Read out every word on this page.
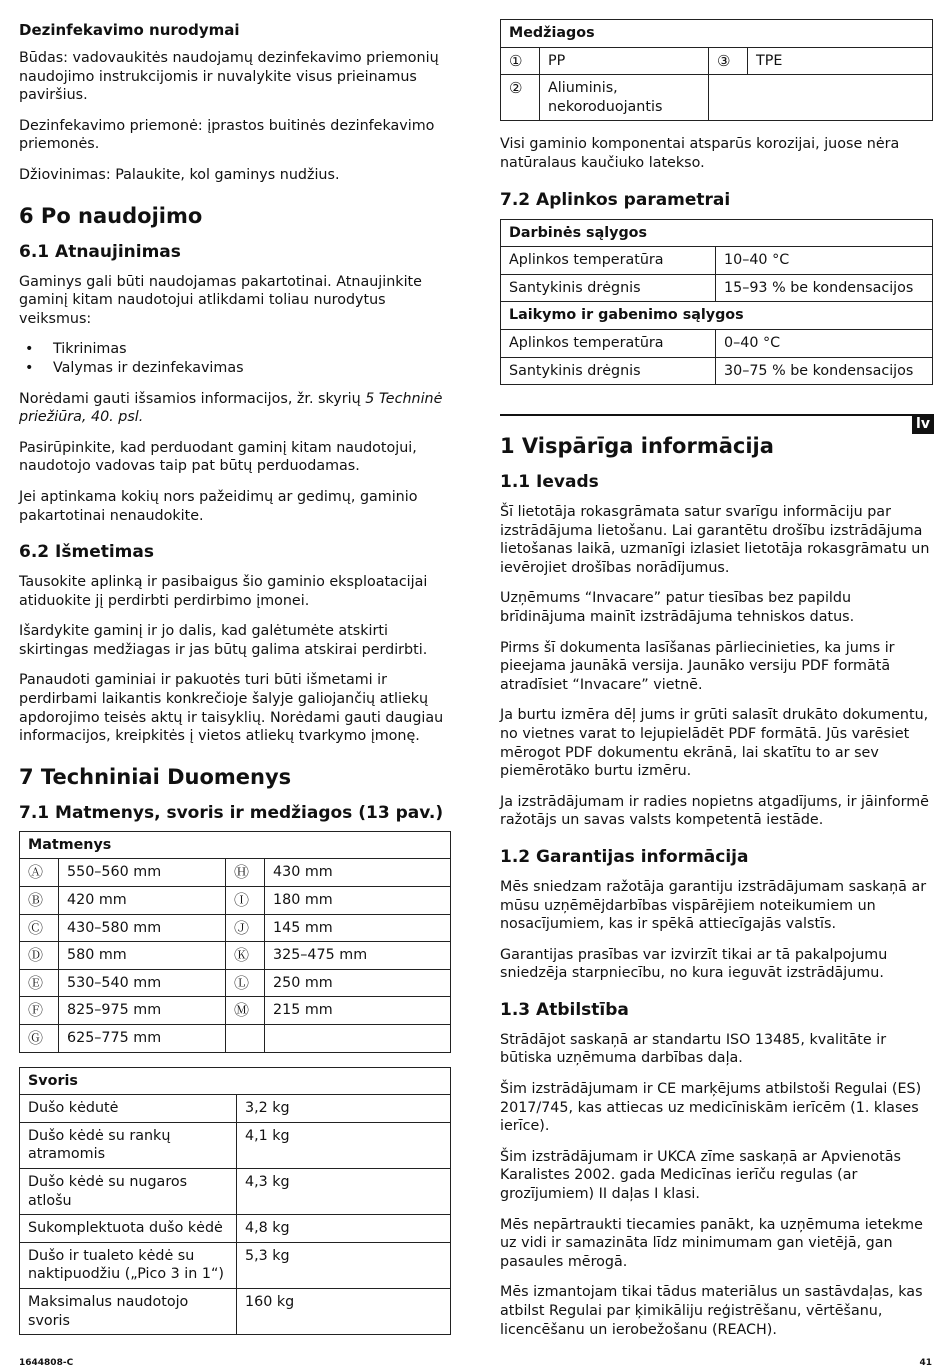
Dezinfekavimo nurodymai

Būdas: vadovaukitės naudojamų dezinfekavimo priemonių naudojimo instrukcijomis ir nuvalykite visus prieinamus paviršius.

Dezinfekavimo priemonė: įprastos buitinės dezinfekavimo priemonės.

Džiovinimas: Palaukite, kol gaminys nudžius.

6 Po naudojimo
6.1 Atnaujinimas

Gaminys gali būti naudojamas pakartotinai. Atnaujinkite gaminį kitam naudotojui atlikdami toliau nurodytus veiksmus:

• Tikrinimas
• Valymas ir dezinfekavimas

Norėdami gauti išsamios informacijos, žr. skyrių 5 Techninė priežiūra, 40. psl.

Pasirūpinkite, kad perduodant gaminį kitam naudotojui, naudotojo vadovas taip pat būtų perduodamas.

Jei aptinkama kokių nors pažeidimų ar gedimų, gaminio pakartotinai nenaudokite.

6.2 Išmetimas

Tausokite aplinką ir pasibaigus šio gaminio eksploatacijai atiduokite jį perdirbti perdirbimo įmonei.

Išardykite gaminį ir jo dalis, kad galėtumėte atskirti skirtingas medžiagas ir jas būtų galima atskirai perdirbti.

Panaudoti gaminiai ir pakuotės turi būti išmetami ir perdirbami laikantis konkrečioje šalyje galiojančių atliekų apdorojimo teisės aktų ir taisyklių. Norėdami gauti daugiau informacijos, kreipkitės į vietos atliekų tvarkymo įmonę.

7 Techniniai Duomenys
7.1 Matmenys, svoris ir medžiagos (13 pav.)
Matmenys			
Ⓐ	550–560 mm	Ⓗ	430 mm
Ⓑ	420 mm	Ⓘ	180 mm
Ⓒ	430–580 mm	Ⓙ	145 mm
Ⓓ	580 mm	Ⓚ	325–475 mm
Ⓔ	530–540 mm	Ⓛ	250 mm
Ⓕ	825–975 mm	Ⓜ	215 mm
Ⓖ	625–775 mm		
Svoris	
Dušo kėdutė	3,2 kg
Dušo kėdė su rankų atramomis	4,1 kg
Dušo kėdė su nugaros atlošu	4,3 kg
Sukomplektuota dušo kėdė	4,8 kg
Dušo ir tualeto kėdė su naktipuodžiu („Pico 3 in 1“)	5,3 kg
Maksimalus naudotojo svoris	160 kg
Medžiagos			
①	PP	③	TPE
②	Aliuminis, nekoroduojantis		

Visi gaminio komponentai atsparūs korozijai, juose nėra natūralaus kaučiuko latekso.

7.2 Aplinkos parametrai
Darbinės sąlygos	
Aplinkos temperatūra	10–40 °C
Santykinis drėgnis	15–93 % be kondensacijos
Laikymo ir gabenimo sąlygos	
Aplinkos temperatūra	0–40 °C
Santykinis drėgnis	30–75 % be kondensacijos
lv
1 Vispārīga informācija
1.1 Ievads

Šī lietotāja rokasgrāmata satur svarīgu informāciju par izstrādājuma lietošanu. Lai garantētu drošību izstrādājuma lietošanas laikā, uzmanīgi izlasiet lietotāja rokasgrāmatu un ievērojiet drošības norādījumus.

Uzņēmums “Invacare” patur tiesības bez papildu brīdinājuma mainīt izstrādājuma tehniskos datus.

Pirms šī dokumenta lasīšanas pārliecinieties, ka jums ir pieejama jaunākā versija. Jaunāko versiju PDF formātā atradīsiet “Invacare” vietnē.

Ja burtu izmēra dēļ jums ir grūti salasīt drukāto dokumentu, no vietnes varat to lejupielādēt PDF formātā. Jūs varēsiet mērogot PDF dokumentu ekrānā, lai skatītu to ar sev piemērotāko burtu izmēru.

Ja izstrādājumam ir radies nopietns atgadījums, ir jāinformē ražotājs un savas valsts kompetentā iestāde.

1.2 Garantijas informācija

Mēs sniedzam ražotāja garantiju izstrādājumam saskaņā ar mūsu uzņēmējdarbības vispārējiem noteikumiem un nosacījumiem, kas ir spēkā attiecīgajās valstīs.

Garantijas prasības var izvirzīt tikai ar tā pakalpojumu sniedzēja starpniecību, no kura ieguvāt izstrādājumu.

1.3 Atbilstība

Strādājot saskaņā ar standartu ISO 13485, kvalitāte ir būtiska uzņēmuma darbības daļa.

Šim izstrādājumam ir CE marķējums atbilstoši Regulai (ES) 2017/745, kas attiecas uz medicīniskām ierīcēm (1. klases ierīce).

Šim izstrādājumam ir UKCA zīme saskaņā ar Apvienotās Karalistes 2002. gada Medicīnas ierīču regulas (ar grozījumiem) II daļas I klasi.

Mēs nepārtraukti tiecamies panākt, ka uzņēmuma ietekme uz vidi ir samazināta līdz minimumam gan vietējā, gan pasaules mērogā.

Mēs izmantojam tikai tādus materiālus un sastāvdaļas, kas atbilst Regulai par ķimikāliju reģistrēšanu, vērtēšanu, licencēšanu un ierobežošanu (REACH).

1644808-C	41
